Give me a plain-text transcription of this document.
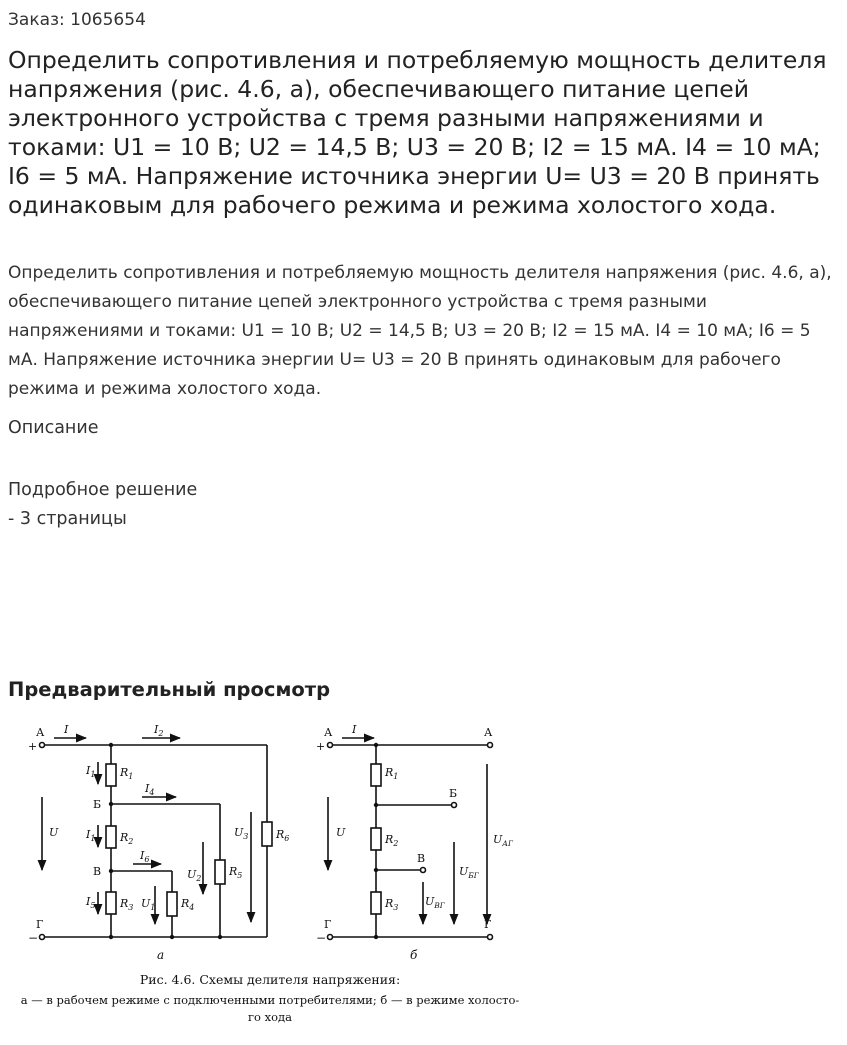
Заказ: 1065654
Определить сопротивления и потребляемую мощность делителя напряжения (рис. 4.6, а), обеспечивающего питание цепей электронного устройства с тремя разными напряжениями и токами: U1 = 10 В; U2 = 14,5 В; U3 = 20 В; I2 = 15 мА. I4 = 10 мА; I6 = 5 мА. Напряжение источника энергии U= U3 = 20 В принять одинаковым для рабочего режима и режима холостого хода.

Определить сопротивления и потребляемую мощность делителя напряжения (рис. 4.6, а), обеспечивающего питание цепей электронного устройства с тремя разными напряжениями и токами: U1 = 10 В; U2 = 14,5 В; U3 = 20 В; I2 = 15 мА. I4 = 10 мА; I6 = 5 мА. Напряжение источника энергии U= U3 = 20 В принять одинаковым для рабочего режима и режима холостого хода.

Описание
Подробное решение
- 3 страницы
Предварительный просмотр
А
+
Г
−
Б
В
I	$I_2$
$I_4$
$I_6$
$I_1$
$I_1$
$I_5$
U
$U_1$
$U_2$
$U_3$
$R_1$
$R_2$
$R_3$	$R_4$
$R_5$
$R_6$
а
А
+
Г
−
А
Г
Б
В
I
U
$R_1$
$R_2$
$R_3$
$U_{АГ}$
$U_{БГ}$
$U_{ВГ}$
б
Рис. 4.6. Схемы делителя напряжения:
а — в рабочем режиме с подключенными потребителями; б — в режиме холосто-
го хода
